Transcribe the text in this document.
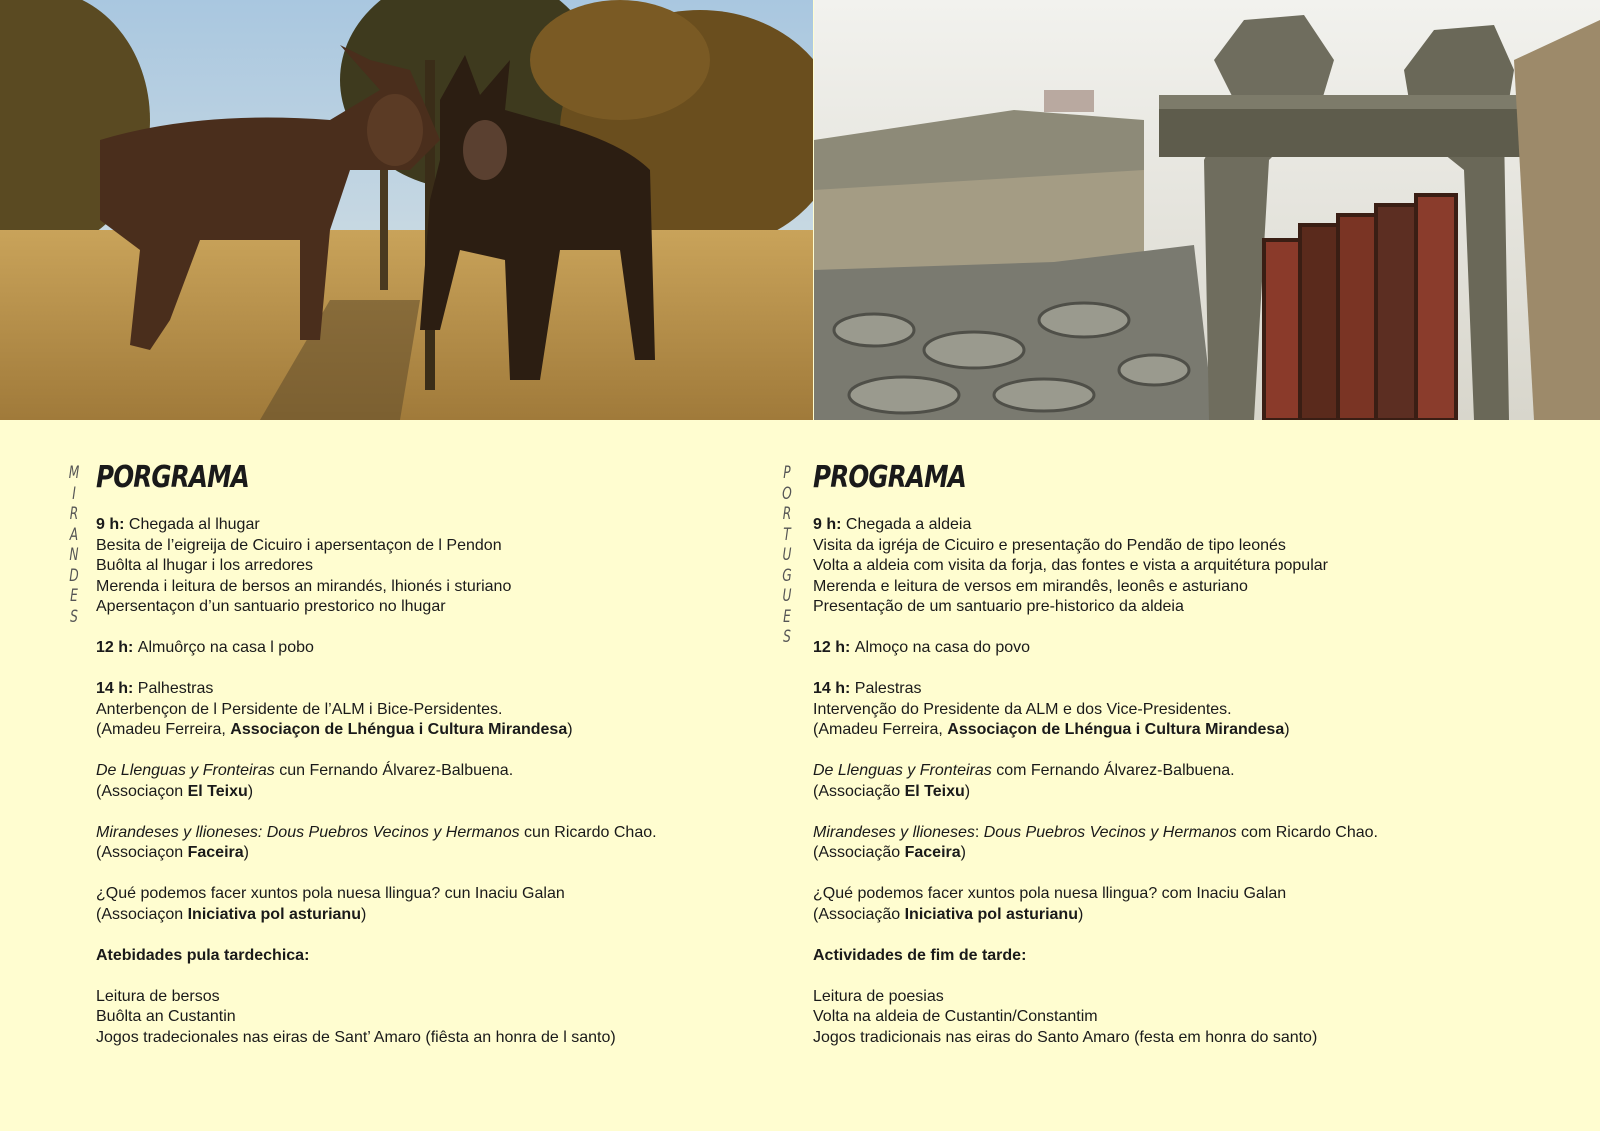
MIRANDES
PORGRAMA
9 h: Chegada al lhugar
Besita de l’eigreija de Cicuiro i apersentaçon de l Pendon
Buôlta al lhugar i los arredores
Merenda i leitura de bersos an mirandés, lhionés i sturiano
Apersentaçon d’un santuario prestorico no lhugar
12 h: Almuôrço na casa l pobo
14 h: Palhestras
Anterbençon de l Persidente de l’ALM i Bice-Persidentes.
(Amadeu Ferreira, Associaçon de Lhéngua i Cultura Mirandesa)
De Llenguas y Fronteiras cun Fernando Álvarez-Balbuena.
(Associaçon El Teixu)
Mirandeses y llioneses: Dous Puebros Vecinos y Hermanos cun Ricardo Chao.
(Associaçon Faceira)
¿Qué podemos facer xuntos pola nuesa llingua? cun Inaciu Galan
(Associaçon Iniciativa pol asturianu)
Atebidades pula tardechica:
Leitura de bersos
Buôlta an Custantin
Jogos tradecionales nas eiras de Sant’ Amaro (fiêsta an honra de l santo)
PORTUGUES
PROGRAMA
9 h: Chegada a aldeia
Visita da igréja de Cicuiro e presentação do Pendão de tipo leonés
Volta a aldeia com visita da forja, das fontes e vista a arquitétura popular
Merenda e leitura de versos em mirandês, leonês e asturiano
Presentação de um santuario pre-historico da aldeia
12 h: Almoço na casa do povo
14 h: Palestras
Intervenção do Presidente da ALM e dos Vice-Presidentes.
(Amadeu Ferreira, Associaçon de Lhéngua i Cultura Mirandesa)
De Llenguas y Fronteiras com Fernando Álvarez-Balbuena.
(Associação El Teixu)
Mirandeses y llioneses: Dous Puebros Vecinos y Hermanos com Ricardo Chao.
(Associação Faceira)
¿Qué podemos facer xuntos pola nuesa llingua? com Inaciu Galan
(Associação Iniciativa pol asturianu)
Actividades de fim de tarde:
Leitura de poesias
Volta na aldeia de Custantin/Constantim
Jogos tradicionais nas eiras do Santo Amaro (festa em honra do santo)
